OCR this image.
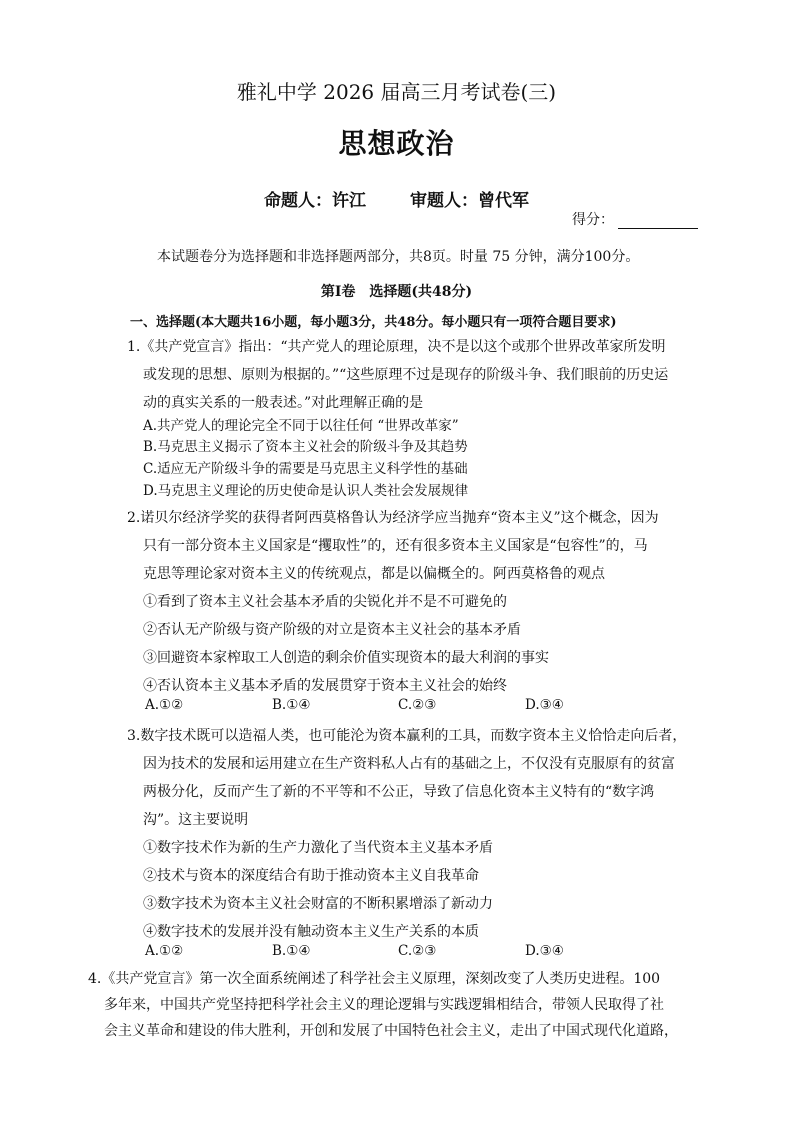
雅礼中学 2026 届高三月考试卷(三)
思想政治
命题人：许江	审题人：曾代军
得分：
本试题卷分为选择题和非选择题两部分，共8页。时量 75 分钟，满分100分。
第Ⅰ卷　选择题(共48分)
一、选择题(本大题共16小题，每小题3分，共48分。每小题只有一项符合题目要求)
1.《共产党宣言》指出：“共产党人的理论原理，决不是以这个或那个世界改革家所发明
或发现的思想、原则为根据的。”“这些原理不过是现存的阶级斗争、我们眼前的历史运
动的真实关系的一般表述。”对此理解正确的是
A.共产党人的理论完全不同于以往任何 “世界改革家”
B.马克思主义揭示了资本主义社会的阶级斗争及其趋势
C.适应无产阶级斗争的需要是马克思主义科学性的基础
D.马克思主义理论的历史使命是认识人类社会发展规律
2.诺贝尔经济学奖的获得者阿西莫格鲁认为经济学应当抛弃“资本主义”这个概念，因为
只有一部分资本主义国家是“攫取性”的，还有很多资本主义国家是“包容性”的，马
克思等理论家对资本主义的传统观点，都是以偏概全的。阿西莫格鲁的观点
①看到了资本主义社会基本矛盾的尖锐化并不是不可避免的
②否认无产阶级与资产阶级的对立是资本主义社会的基本矛盾
③回避资本家榨取工人创造的剩余价值实现资本的最大利润的事实
④否认资本主义基本矛盾的发展贯穿于资本主义社会的始终
A.①②	B.①④	C.②③	D.③④
3.数字技术既可以造福人类，也可能沦为资本赢利的工具，而数字资本主义恰恰走向后者，
因为技术的发展和运用建立在生产资料私人占有的基础之上，不仅没有克服原有的贫富
两极分化，反而产生了新的不平等和不公正，导致了信息化资本主义特有的“数字鸿
沟”。这主要说明
①数字技术作为新的生产力激化了当代资本主义基本矛盾
②技术与资本的深度结合有助于推动资本主义自我革命
③数字技术为资本主义社会财富的不断积累增添了新动力
④数字技术的发展并没有触动资本主义生产关系的本质
A.①②	B.①④	C.②③	D.③④
4.《共产党宣言》第一次全面系统阐述了科学社会主义原理，深刻改变了人类历史进程。100
多年来，中国共产党坚持把科学社会主义的理论逻辑与实践逻辑相结合，带领人民取得了社
会主义革命和建设的伟大胜利，开创和发展了中国特色社会主义，走出了中国式现代化道路，
